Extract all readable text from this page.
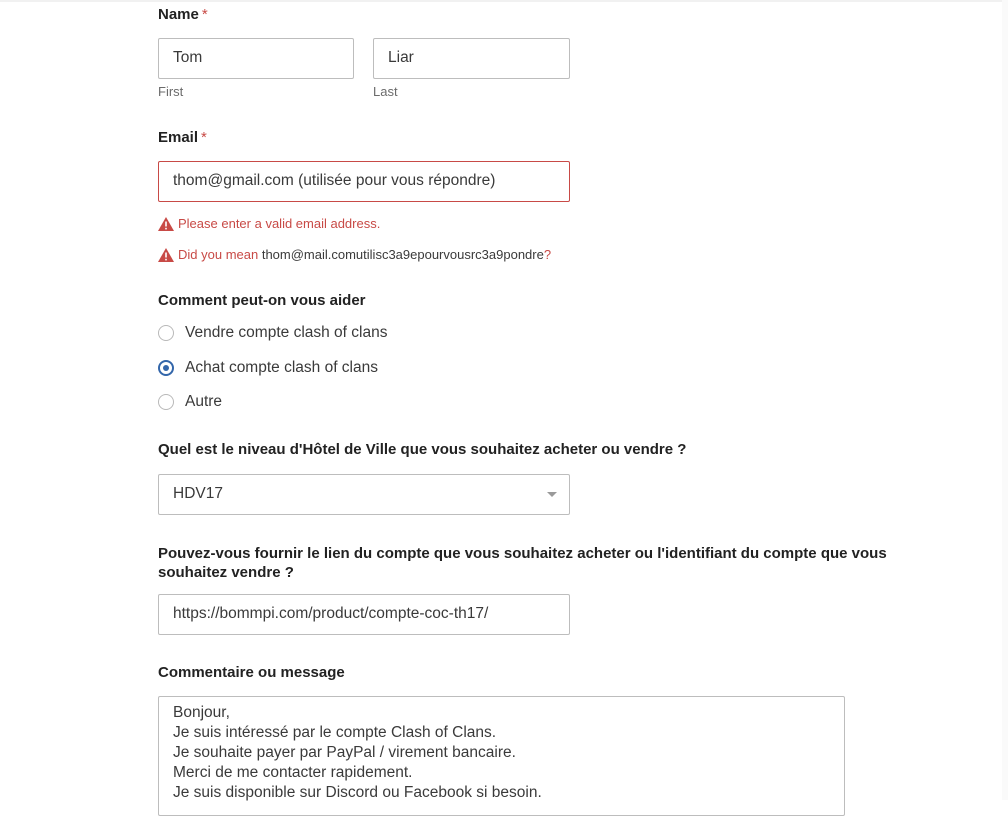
Name *
Tom
First
Liar
Last
Email *
thom@gmail.com (utilisée pour vous répondre)
Please enter a valid email address.
Did you mean thom@mail.comutilisc3a9epourvousrc3a9pondre ?
Comment peut-on vous aider
Vendre compte clash of clans
Achat compte clash of clans
Autre
Quel est le niveau d'Hôtel de Ville que vous souhaitez acheter ou vendre ?
HDV17
Pouvez-vous fournir le lien du compte que vous souhaitez acheter ou l'identifiant du compte que vous
souhaitez vendre ?
https://bommpi.com/product/compte-coc-th17/
Commentaire ou message
Bonjour,
Je suis intéressé par le compte Clash of Clans.
Je souhaite payer par PayPal / virement bancaire.
Merci de me contacter rapidement.
Je suis disponible sur Discord ou Facebook si besoin.
